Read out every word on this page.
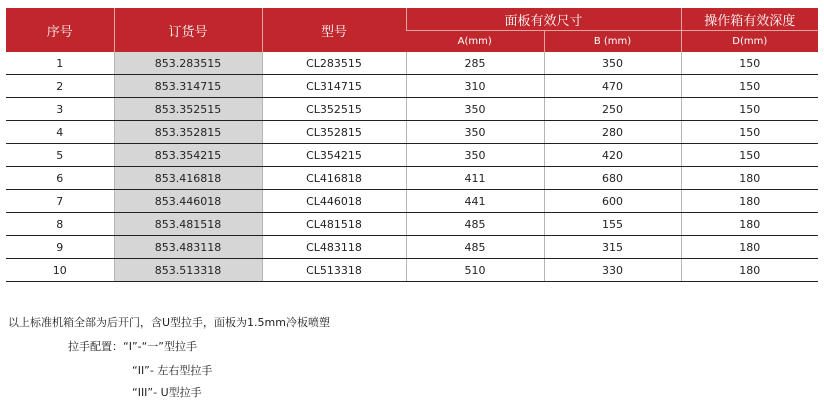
序号	订货号	型号	面板有效尺寸		操作箱有效深度
			A(mm)	B (mm)	D(mm)
1	853.283515	CL283515	285	350	150
2	853.314715	CL314715	310	470	150
3	853.352515	CL352515	350	250	150
4	853.352815	CL352815	350	280	150
5	853.354215	CL354215	350	420	150
6	853.416818	CL416818	411	680	180
7	853.446018	CL446018	441	600	180
8	853.481518	CL481518	485	155	180
9	853.483118	CL483118	485	315	180
10	853.513318	CL513318	510	330	180
以上标准机箱全部为后开门，含U型拉手，面板为1.5mm冷板喷塑
拉手配置：“I”-“一”型拉手
“II”- 左右型拉手
“III”- U型拉手
